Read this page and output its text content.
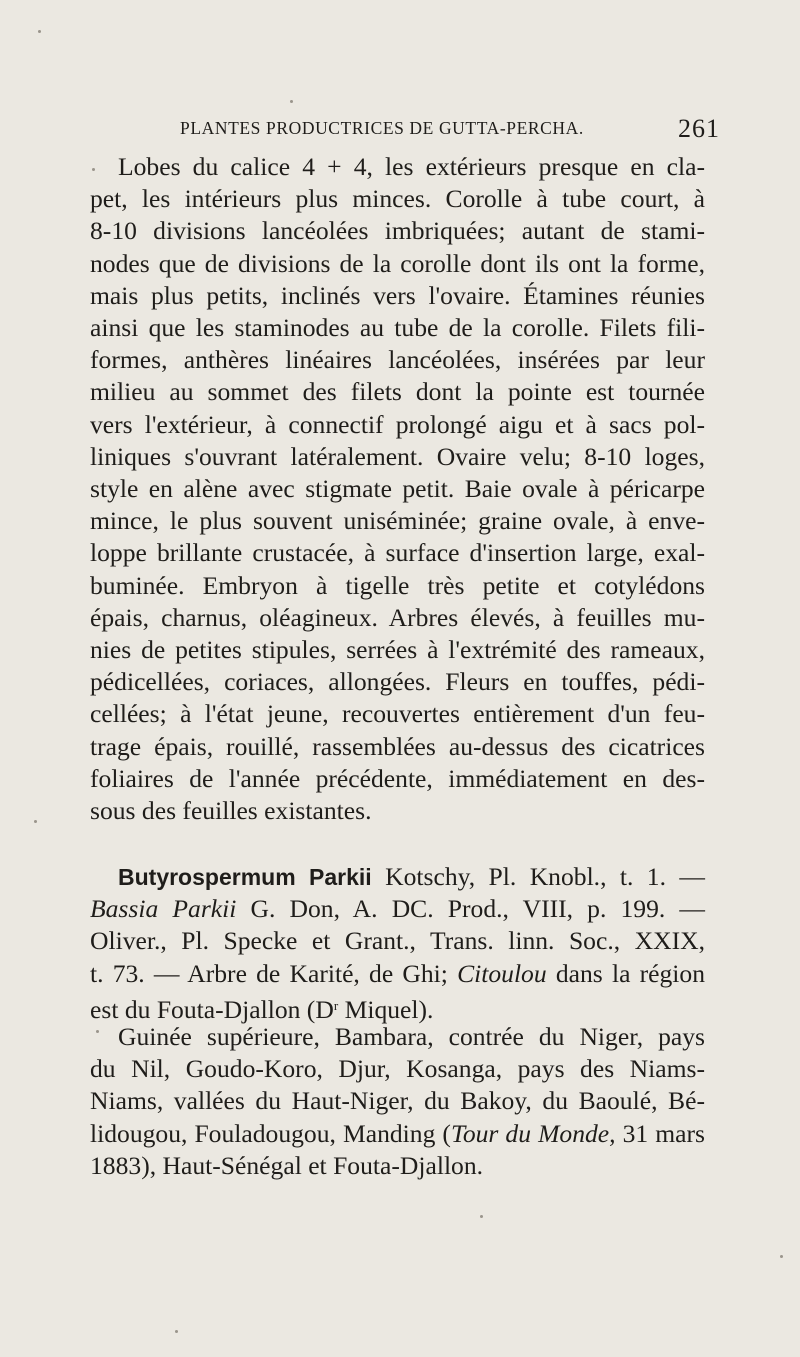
PLANTES PRODUCTRICES DE GUTTA-PERCHA.	261
Lobes du calice 4 + 4, les extérieurs presque en cla-
pet, les intérieurs plus minces. Corolle à tube court, à
8-10 divisions lancéolées imbriquées; autant de stami-
nodes que de divisions de la corolle dont ils ont la forme,
mais plus petits, inclinés vers l'ovaire. Étamines réunies
ainsi que les staminodes au tube de la corolle. Filets fili-
formes, anthères linéaires lancéolées, insérées par leur
milieu au sommet des filets dont la pointe est tournée
vers l'extérieur, à connectif prolongé aigu et à sacs pol-
liniques s'ouvrant latéralement. Ovaire velu; 8-10 loges,
style en alène avec stigmate petit. Baie ovale à péricarpe
mince, le plus souvent uniséminée; graine ovale, à enve-
loppe brillante crustacée, à surface d'insertion large, exal-
buminée. Embryon à tigelle très petite et cotylédons
épais, charnus, oléagineux. Arbres élevés, à feuilles mu-
nies de petites stipules, serrées à l'extrémité des rameaux,
pédicellées, coriaces, allongées. Fleurs en touffes, pédi-
cellées; à l'état jeune, recouvertes entièrement d'un feu-
trage épais, rouillé, rassemblées au-dessus des cicatrices
foliaires de l'année précédente, immédiatement en des-
sous des feuilles existantes.
Butyrospermum Parkii Kotschy, Pl. Knobl., t. 1. —
Bassia Parkii G. Don, A. DC. Prod., VIII, p. 199. —
Oliver., Pl. Specke et Grant., Trans. linn. Soc., XXIX,
t. 73. — Arbre de Karité, de Ghi; Citoulou dans la région
est du Fouta-Djallon ($D^r$ Miquel).
Guinée supérieure, Bambara, contrée du Niger, pays
du Nil, Goudo-Koro, Djur, Kosanga, pays des Niams-
Niams, vallées du Haut-Niger, du Bakoy, du Baoulé, Bé-
lidougou, Fouladougou, Manding (Tour du Monde, 31 mars
1883), Haut-Sénégal et Fouta-Djallon.
